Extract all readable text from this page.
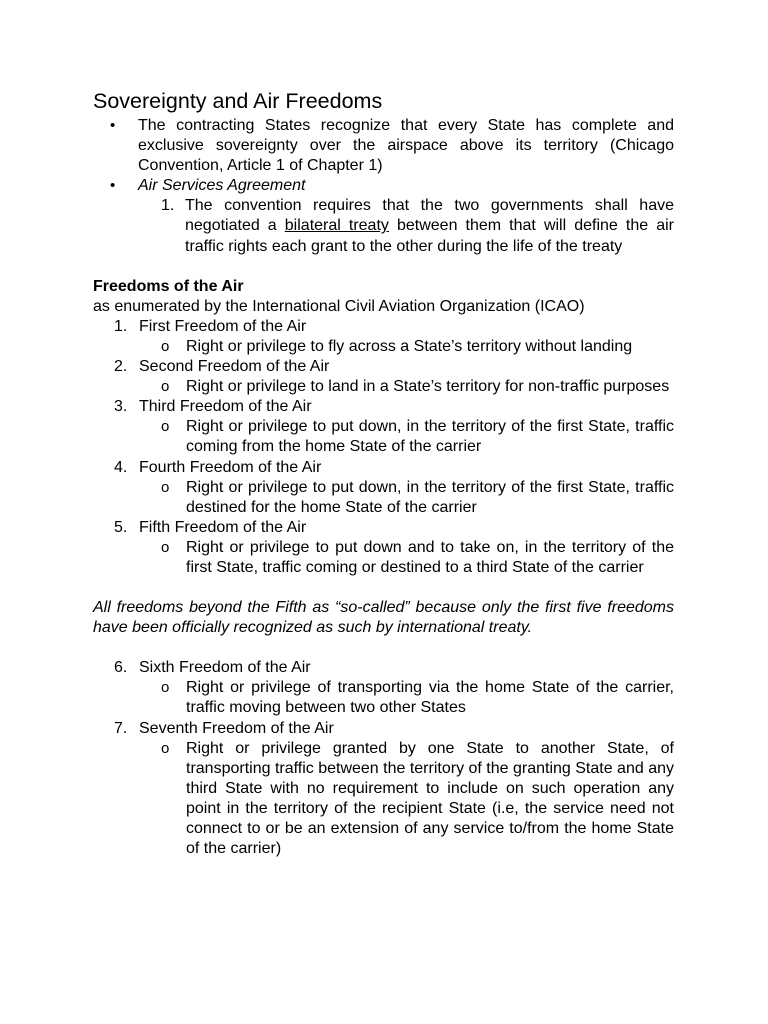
Sovereignty and Air Freedoms
• The contracting States recognize that every State has complete and exclusive sovereignty over the airspace above its territory (Chicago Convention, Article 1 of Chapter 1)
• Air Services Agreement
1. The convention requires that the two governments shall have negotiated a bilateral treaty between them that will define the air traffic rights each grant to the other during the life of the treaty
Freedoms of the Air
as enumerated by the International Civil Aviation Organization (ICAO)
1. First Freedom of the Air
o Right or privilege to fly across a State’s territory without landing
2. Second Freedom of the Air
o Right or privilege to land in a State’s territory for non-traffic purposes
3. Third Freedom of the Air
o Right or privilege to put down, in the territory of the first State, traffic coming from the home State of the carrier
4. Fourth Freedom of the Air
o Right or privilege to put down, in the territory of the first State, traffic destined for the home State of the carrier
5. Fifth Freedom of the Air
o Right or privilege to put down and to take on, in the territory of the first State, traffic coming or destined to a third State of the carrier
All freedoms beyond the Fifth as “so-called” because only the first five freedoms have been officially recognized as such by international treaty.
6. Sixth Freedom of the Air
o Right or privilege of transporting via the home State of the carrier, traffic moving between two other States
7. Seventh Freedom of the Air
o Right or privilege granted by one State to another State, of transporting traffic between the territory of the granting State and any third State with no requirement to include on such operation any point in the territory of the recipient State (i.e, the service need not connect to or be an extension of any service to/from the home State of the carrier)
